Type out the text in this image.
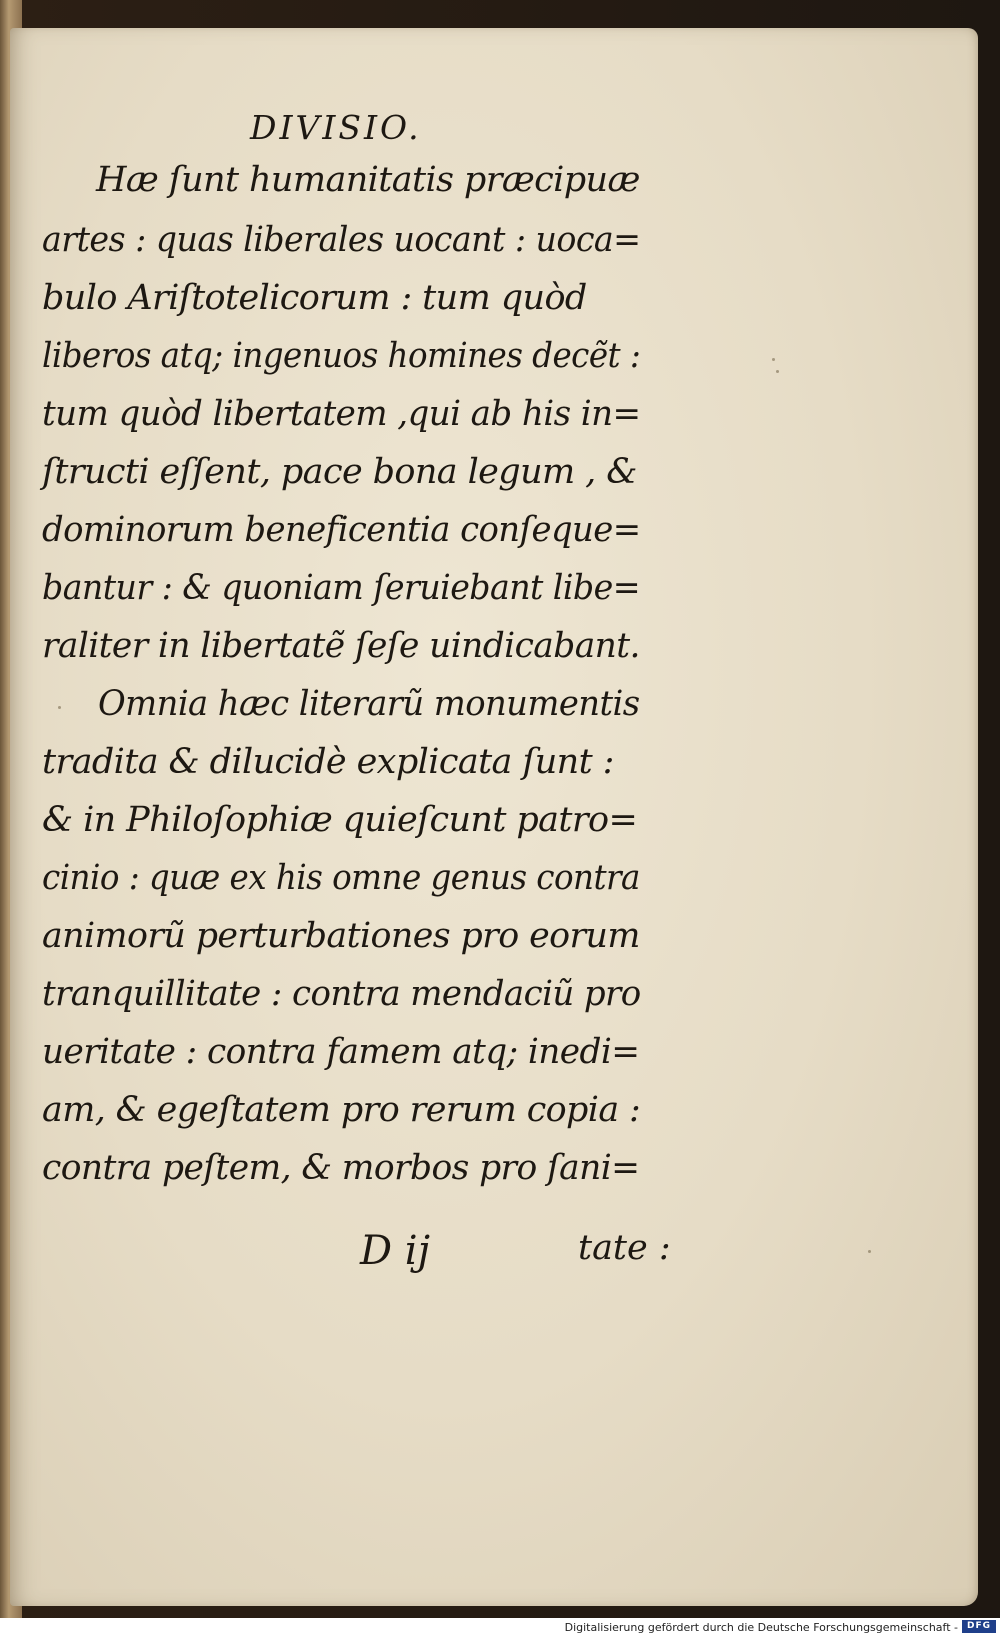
DIVISIO.
Hæ ſunt humanitatis præcipuæ
artes : quas liberales uocant : uoca=
bulo Ariſtotelicorum : tum quòd
liberos atq; ingenuos homines decẽt :
tum quòd libertatem ,qui ab his in=
ſtructi eſſent, pace bona legum , &
dominorum beneficentia conſeque=
bantur : & quoniam ſeruiebant libe=
raliter in libertatẽ ſeſe uindicabant.
Omnia hæc literarũ monumentis
tradita & dilucidè explicata ſunt :
& in Philoſophiæ quieſcunt patro=
cinio : quæ ex his omne genus contra
animorũ perturbationes pro eorum
tranquillitate : contra mendaciũ pro
ueritate : contra famem atq; inedi=
am, & egeſtatem pro rerum copia :
contra peſtem, & morbos pro ſani=
D ij	tate :
Digitalisierung gefördert durch die Deutsche Forschungsgemeinschaft - DFG
